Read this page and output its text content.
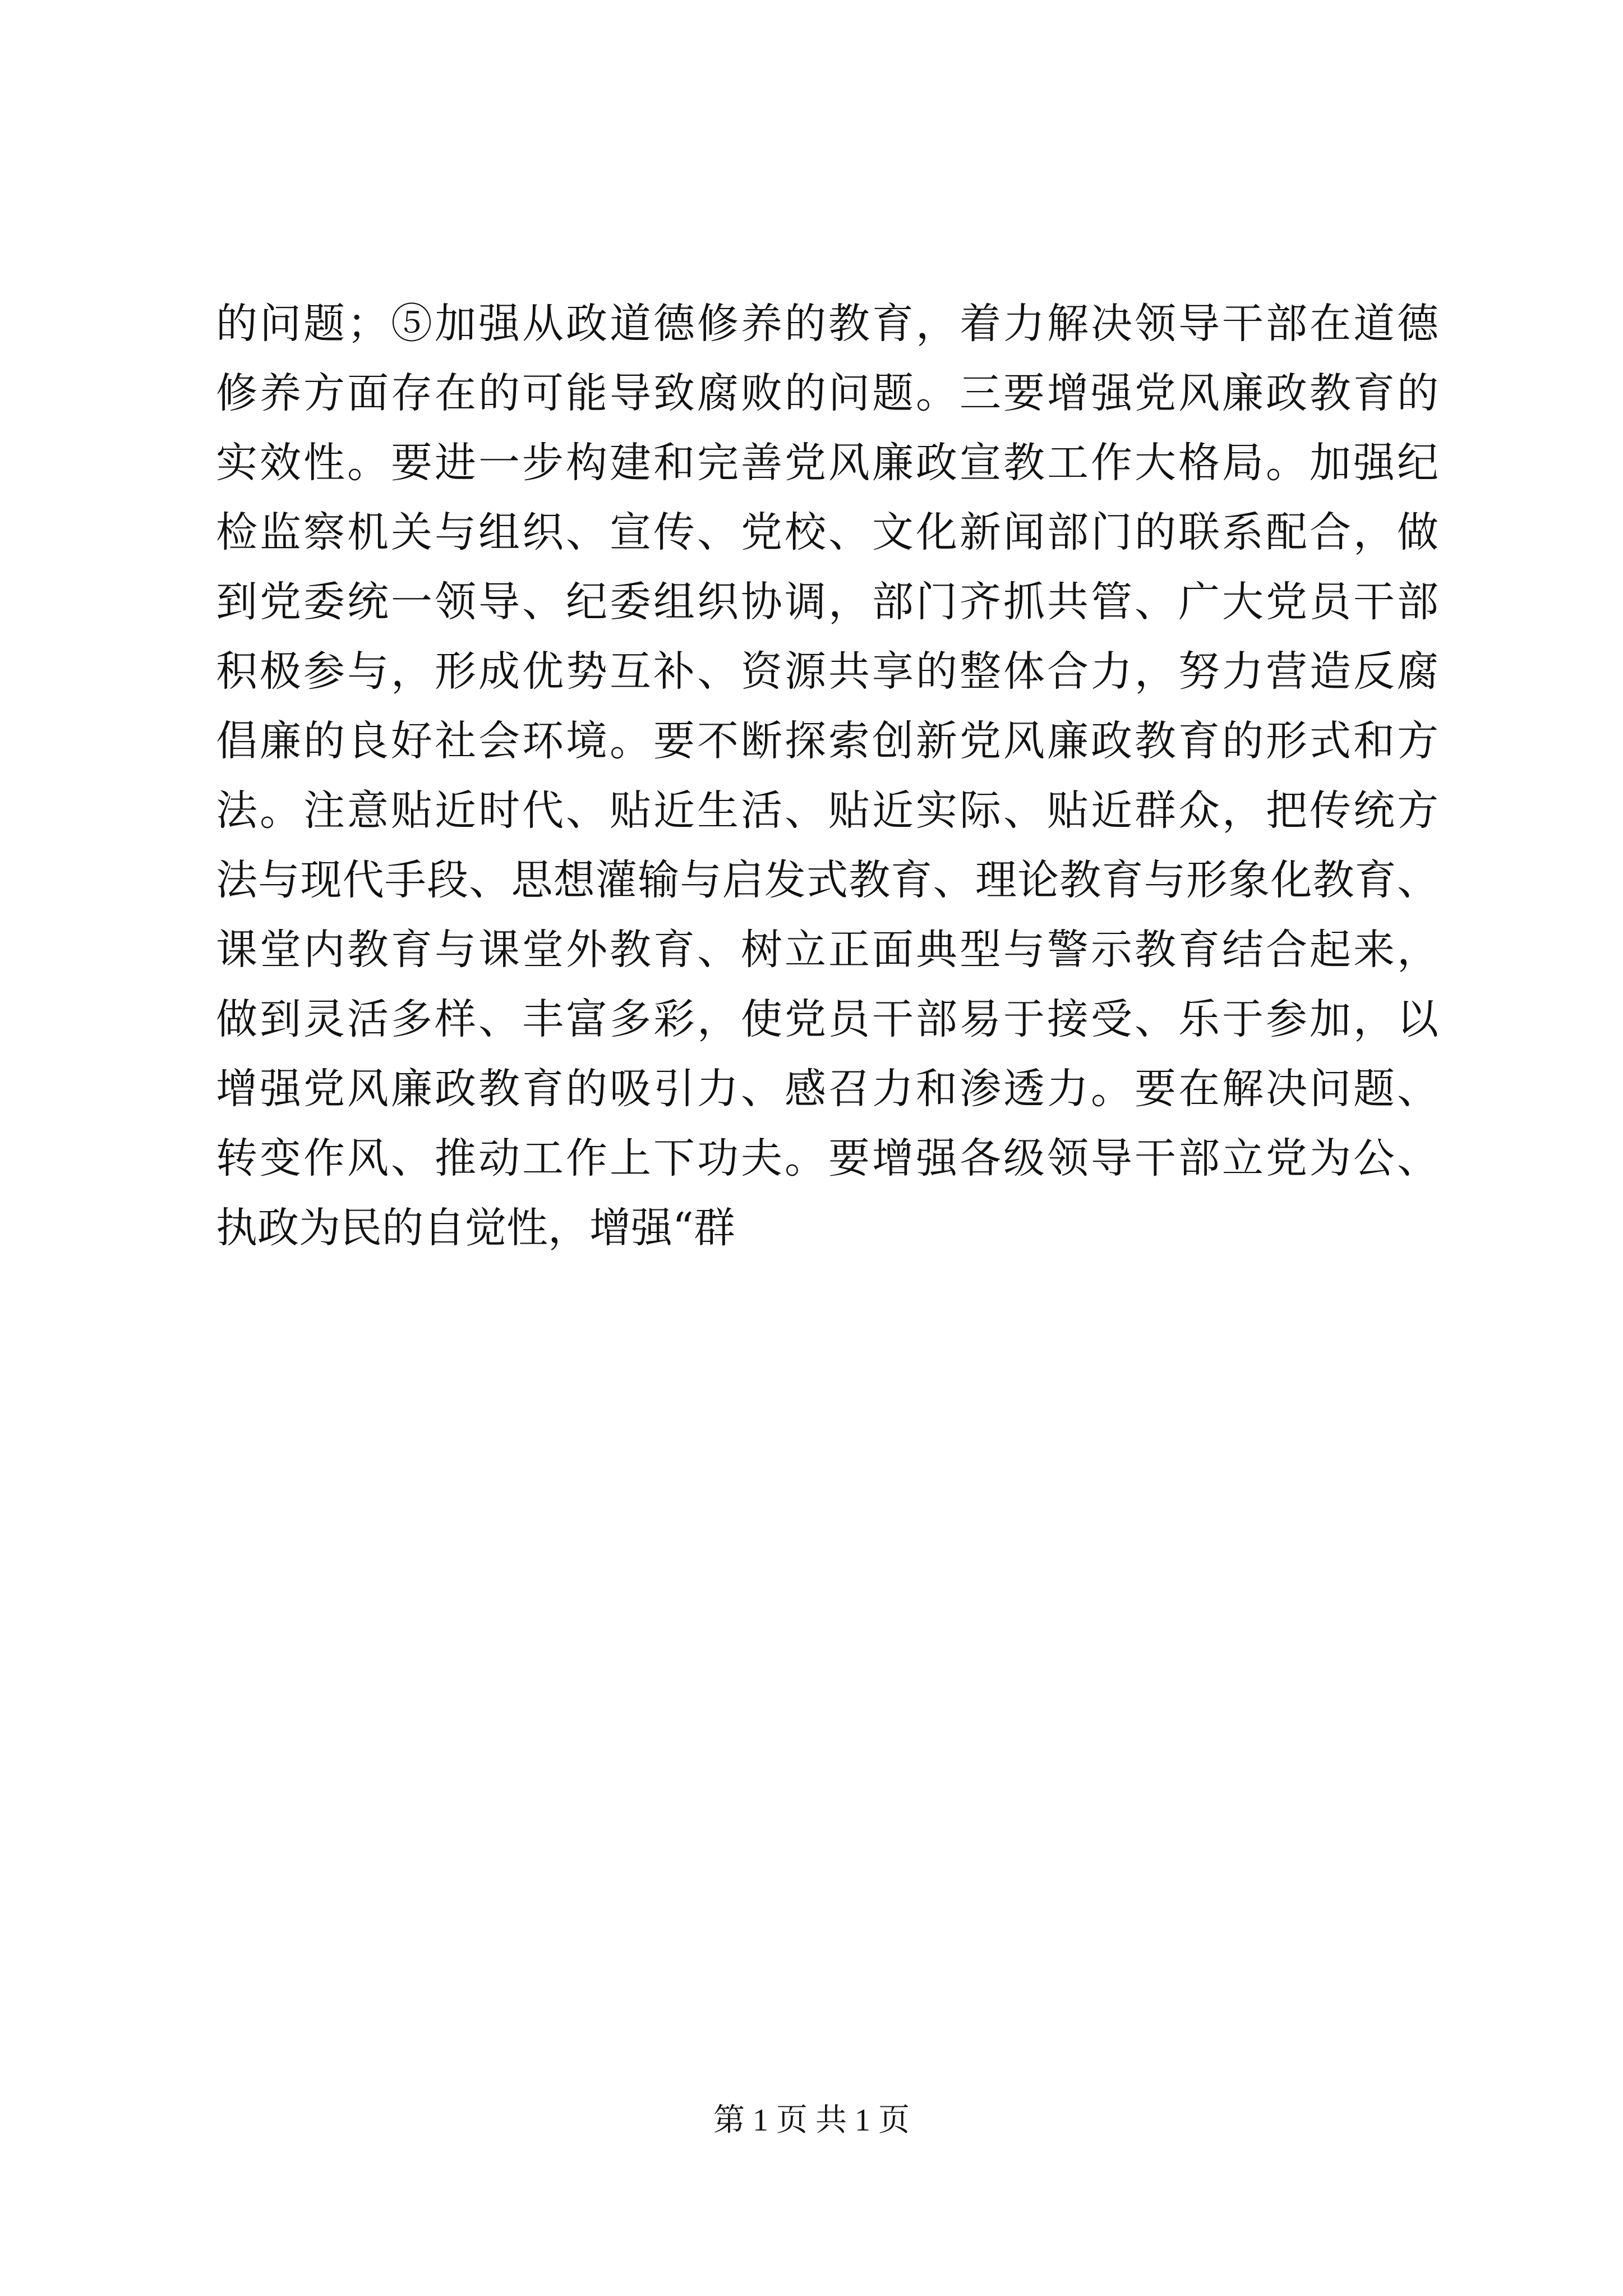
的问题；⑤加强从政道德修养的教育，着力解决领导干部在道德
修养方面存在的可能导致腐败的问题。三要增强党风廉政教育的
实效性。要进一步构建和完善党风廉政宣教工作大格局。加强纪
检监察机关与组织、宣传、党校、文化新闻部门的联系配合，做
到党委统一领导、纪委组织协调，部门齐抓共管、广大党员干部
积极参与，形成优势互补、资源共享的整体合力，努力营造反腐
倡廉的良好社会环境。要不断探索创新党风廉政教育的形式和方
法。注意贴近时代、贴近生活、贴近实际、贴近群众，把传统方
法与现代手段、思想灌输与启发式教育、理论教育与形象化教育、
课堂内教育与课堂外教育、树立正面典型与警示教育结合起来，
做到灵活多样、丰富多彩，使党员干部易于接受、乐于参加，以
增强党风廉政教育的吸引力、感召力和渗透力。要在解决问题、
转变作风、推动工作上下功夫。要增强各级领导干部立党为公、
执政为民的自觉性，增强“群
第 1 页 共 1 页
